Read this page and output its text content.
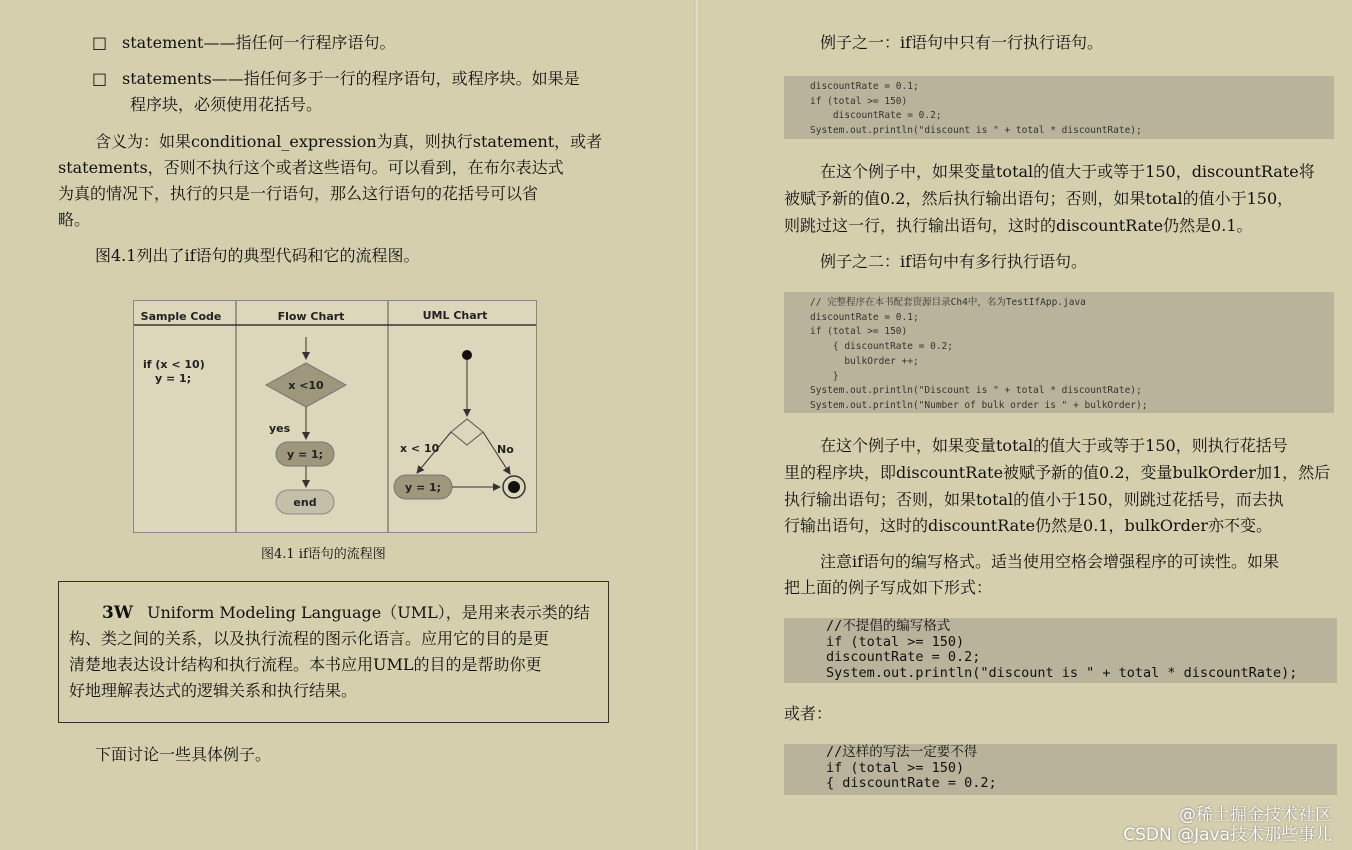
□ statement——指任何一行程序语句。
□ statements——指任何多于一行的程序语句，或程序块。如果是
程序块，必须使用花括号。
含义为：如果conditional_expression为真，则执行statement，或者
statements，否则不执行这个或者这些语句。可以看到，在布尔表达式
为真的情况下，执行的只是一行语句，那么这行语句的花括号可以省
略。
图4.1列出了if语句的典型代码和它的流程图。
Sample Code	Flow Chart	UML Chart
if (x < 10)
y = 1;
x <10
yes
y = 1;
end
x < 10	No
y = 1;
图4.1 if语句的流程图
3W Uniform Modeling Language（UML），是用来表示类的结
构、类之间的关系，以及执行流程的图示化语言。应用它的目的是更
清楚地表达设计结构和执行流程。本书应用UML的目的是帮助你更
好地理解表达式的逻辑关系和执行结果。
下面讨论一些具体例子。
例子之一：if语句中只有一行执行语句。
discountRate = 0.1;
if (total >= 150)
discountRate = 0.2;
System.out.println("discount is " + total * discountRate);
在这个例子中，如果变量total的值大于或等于150，discountRate将
被赋予新的值0.2，然后执行输出语句；否则，如果total的值小于150，
则跳过这一行，执行输出语句，这时的discountRate仍然是0.1。
例子之二：if语句中有多行执行语句。
// 完整程序在本书配套资源目录Ch4中，名为TestIfApp.java
discountRate = 0.1;
if (total >= 150)
{ discountRate = 0.2;
bulkOrder ++;
}
System.out.println("Discount is " + total * discountRate);
System.out.println("Number of bulk order is " + bulkOrder);
在这个例子中，如果变量total的值大于或等于150，则执行花括号
里的程序块，即discountRate被赋予新的值0.2，变量bulkOrder加1，然后
执行输出语句；否则，如果total的值小于150，则跳过花括号，而去执
行输出语句，这时的discountRate仍然是0.1，bulkOrder亦不变。
注意if语句的编写格式。适当使用空格会增强程序的可读性。如果
把上面的例子写成如下形式：
//不提倡的编写格式
if (total >= 150)
discountRate = 0.2;
System.out.println("discount is " + total * discountRate);
或者：
//这样的写法一定要不得
if (total >= 150)
{ discountRate = 0.2;
@稀土掘金技术社区
CSDN @Java技术那些事儿
